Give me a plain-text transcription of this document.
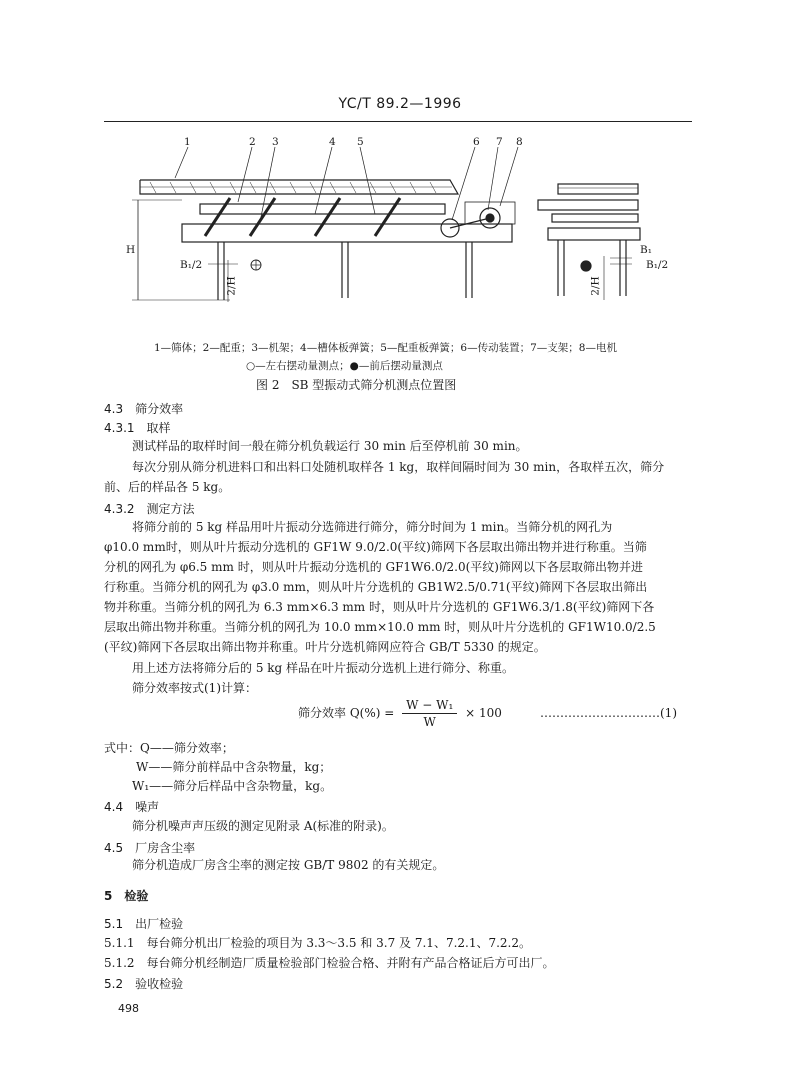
YC/T 89.2—1996
1	2 3	4 5	6 7 8
H
B₁/2
2/H
B₁
B₁/2
2/H
1—筛体；2—配重；3—机架；4—槽体板弹簧；5—配重板弹簧；6—传动装置；7—支架；8—电机
○—左右摆动量测点；●—前后摆动量测点
图 2　SB 型振动式筛分机测点位置图
4.3　筛分效率
4.3.1　取样
测试样品的取样时间一般在筛分机负载运行 30 min 后至停机前 30 min。
每次分别从筛分机进料口和出料口处随机取样各 1 kg，取样间隔时间为 30 min，各取样五次，筛分
前、后的样品各 5 kg。
4.3.2　测定方法
将筛分前的 5 kg 样品用叶片振动分选筛进行筛分，筛分时间为 1 min。当筛分机的网孔为
φ10.0 mm时，则从叶片振动分选机的 GF1W 9.0/2.0(平纹)筛网下各层取出筛出物并进行称重。当筛
分机的网孔为 φ6.5 mm 时，则从叶片振动分选机的 GF1W6.0/2.0(平纹)筛网以下各层取筛出物并进
行称重。当筛分机的网孔为 φ3.0 mm，则从叶片分选机的 GB1W2.5/0.71(平纹)筛网下各层取出筛出
物并称重。当筛分机的网孔为 6.3 mm×6.3 mm 时，则从叶片分选机的 GF1W6.3/1.8(平纹)筛网下各
层取出筛出物并称重。当筛分机的网孔为 10.0 mm×10.0 mm 时，则从叶片分选机的 GF1W10.0/2.5
(平纹)筛网下各层取出筛出物并称重。叶片分选机筛网应符合 GB/T 5330 的规定。
用上述方法将筛分后的 5 kg 样品在叶片振动分选机上进行筛分、称重。
筛分效率按式(1)计算：
筛分效率 $Q(\%) = \frac{\text{W − W₁}}{W} \times 100$	…………………………(1)
式中：Q——筛分效率；
W——筛分前样品中含杂物量，kg；
W₁——筛分后样品中含杂物量，kg。
4.4　噪声
筛分机噪声声压级的测定见附录 A(标准的附录)。
4.5　厂房含尘率
筛分机造成厂房含尘率的测定按 GB/T 9802 的有关规定。
5　检验
5.1　出厂检验
5.1.1　每台筛分机出厂检验的项目为 3.3～3.5 和 3.7 及 7.1、7.2.1、7.2.2。
5.1.2　每台筛分机经制造厂质量检验部门检验合格、并附有产品合格证后方可出厂。
5.2　验收检验
498
